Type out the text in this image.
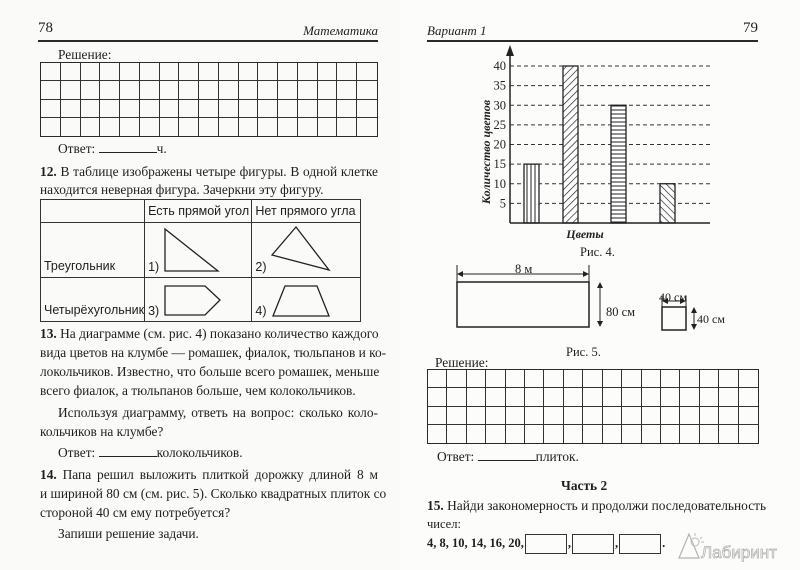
78	Математика
Решение:
Ответ:	ч.
12. В таблице изображены четыре фигуры. В одной клетке
находится неверная фигура. Зачеркни эту фигуру.
	Есть прямой угол	Нет прямого угла
Треугольник	1)	2)

Четырёхугольник	3)	4)
13. На диаграмме (см. рис. 4) показано количество каждого
вида цветов на клумбе — ромашек, фиалок, тюльпанов и ко-
локольчиков. Известно, что больше всего ромашек, меньше
всего фиалок, а тюльпанов больше, чем колокольчиков.
Используя диаграмму, ответь на вопрос: сколько коло-
кольчиков на клумбе?
Ответ:	колокольчиков.
14. Папа решил выложить плиткой дорожку длиной 8 м
и шириной 80 см (см. рис. 5). Сколько квадратных плиток со
стороной 40 см ему потребуется?
Запиши решение задачи.
Вариант 1	79
5
10
15
20
25
30
35
40
Количество цветов
Цветы
Рис. 4.
8 м
80 см
40 см
40 см
Рис. 5.
Решение:
Ответ:	плиток.
Часть 2
15. Найди закономерность и продолжи последовательность
чисел:
4, 8, 10, 14, 16, 20,	,	,	. Лабиринт
